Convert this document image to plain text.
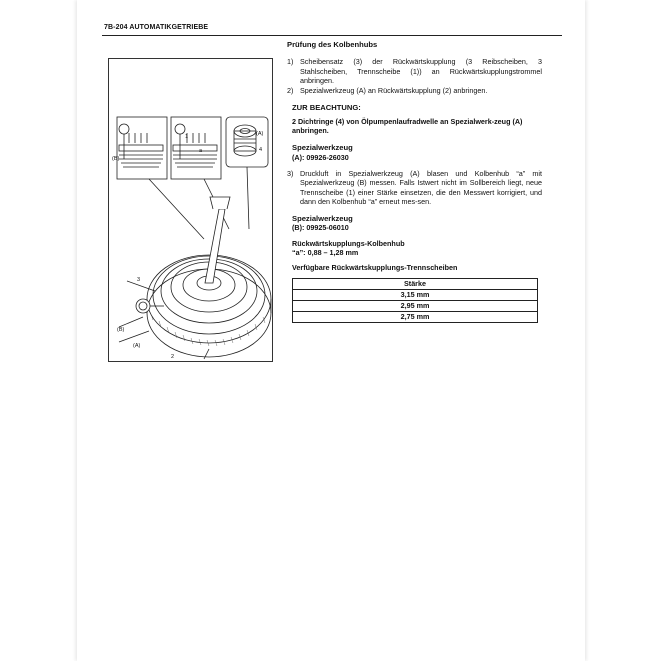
7B-204 AUTOMATIKGETRIEBE
(A)
4
1
a
(B)
3
(B)
(A)
2
Prüfung des Kolbenhubs
1) Scheibensatz (3) der Rückwärtskupplung (3 Reibscheiben, 3 Stahlscheiben, Trennscheibe (1)) an Rückwärtskupplungstrommel anbringen.
2) Spezialwerkzeug (A) an Rückwärtskupplung (2) anbringen.
ZUR BEACHTUNG:
2 Dichtringe (4) von Ölpumpenlaufradwelle an Spezialwerk-zeug (A) anbringen.
Spezialwerkzeug
(A): 09926-26030
3) Druckluft in Spezialwerkzeug (A) blasen und Kolbenhub “a” mit Spezialwerkzeug (B) messen. Falls Istwert nicht im Sollbereich liegt, neue Trennscheibe (1) einer Stärke einsetzen, die den Messwert korrigiert, und dann den Kolbenhub “a” erneut mes-sen.
Spezialwerkzeug
(B): 09925-06010
Rückwärtskupplungs-Kolbenhub
“a”: 0,88 – 1,28 mm
Verfügbare Rückwärtskupplungs-Trennscheiben
Stärke
3,15 mm
2,95 mm
2,75 mm
